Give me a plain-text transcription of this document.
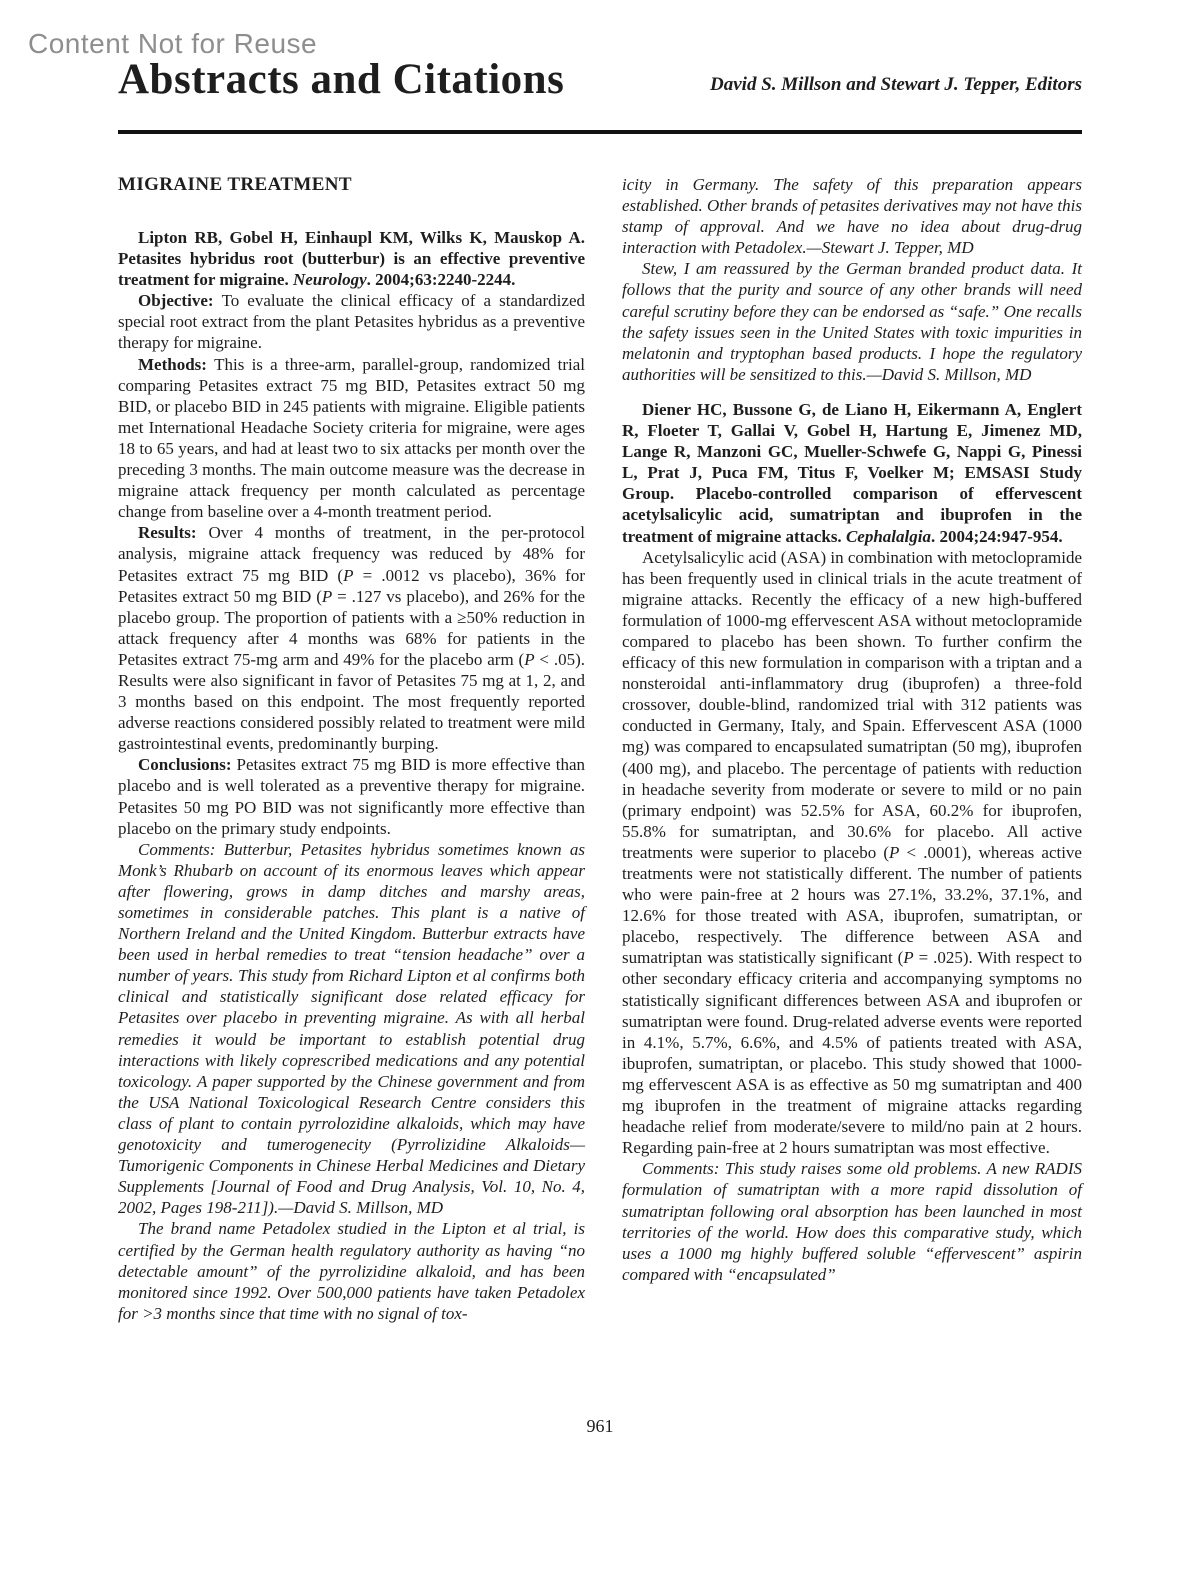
Content Not for Reuse
Abstracts and Citations	David S. Millson and Stewart J. Tepper, Editors
MIGRAINE TREATMENT

Lipton RB, Gobel H, Einhaupl KM, Wilks K, Mauskop A. Petasites hybridus root (butterbur) is an effective preventive treatment for migraine. Neurology. 2004;63:2240-2244.

Objective: To evaluate the clinical efficacy of a standardized special root extract from the plant Petasites hybridus as a preventive therapy for migraine.

Methods: This is a three-arm, parallel-group, randomized trial comparing Petasites extract 75 mg BID, Petasites extract 50 mg BID, or placebo BID in 245 patients with migraine. Eligible patients met International Headache Society criteria for migraine, were ages 18 to 65 years, and had at least two to six attacks per month over the preceding 3 months. The main outcome measure was the decrease in migraine attack frequency per month calculated as percentage change from baseline over a 4-month treatment period.

Results: Over 4 months of treatment, in the per-protocol analysis, migraine attack frequency was reduced by 48% for Petasites extract 75 mg BID (P = .0012 vs placebo), 36% for Petasites extract 50 mg BID (P = .127 vs placebo), and 26% for the placebo group. The proportion of patients with a ≥50% reduction in attack frequency after 4 months was 68% for patients in the Petasites extract 75-mg arm and 49% for the placebo arm (P < .05). Results were also significant in favor of Petasites 75 mg at 1, 2, and 3 months based on this endpoint. The most frequently reported adverse reactions considered possibly related to treatment were mild gastrointestinal events, predominantly burping.

Conclusions: Petasites extract 75 mg BID is more effective than placebo and is well tolerated as a preventive therapy for migraine. Petasites 50 mg PO BID was not significantly more effective than placebo on the primary study endpoints.

Comments: Butterbur, Petasites hybridus sometimes known as Monk’s Rhubarb on account of its enormous leaves which appear after flowering, grows in damp ditches and marshy areas, sometimes in considerable patches. This plant is a native of Northern Ireland and the United Kingdom. Butterbur extracts have been used in herbal remedies to treat “tension headache” over a number of years. This study from Richard Lipton et al confirms both clinical and statistically significant dose related efficacy for Petasites over placebo in preventing migraine. As with all herbal remedies it would be important to establish potential drug interactions with likely coprescribed medications and any potential toxicology. A paper supported by the Chinese government and from the USA National Toxicological Research Centre considers this class of plant to contain pyrrolozidine alkaloids, which may have genotoxicity and tumerogenecity (Pyrrolizidine Alkaloids—Tumorigenic Components in Chinese Herbal Medicines and Dietary Supplements [Journal of Food and Drug Analysis, Vol. 10, No. 4, 2002, Pages 198-211]).—David S. Millson, MD

The brand name Petadolex studied in the Lipton et al trial, is certified by the German health regulatory authority as having “no detectable amount” of the pyrrolizidine alkaloid, and has been monitored since 1992. Over 500,000 patients have taken Petadolex for >3 months since that time with no signal of tox-

icity in Germany. The safety of this preparation appears established. Other brands of petasites derivatives may not have this stamp of approval. And we have no idea about drug-drug interaction with Petadolex.—Stewart J. Tepper, MD

Stew, I am reassured by the German branded product data. It follows that the purity and source of any other brands will need careful scrutiny before they can be endorsed as “safe.” One recalls the safety issues seen in the United States with toxic impurities in melatonin and tryptophan based products. I hope the regulatory authorities will be sensitized to this.—David S. Millson, MD

Diener HC, Bussone G, de Liano H, Eikermann A, Englert R, Floeter T, Gallai V, Gobel H, Hartung E, Jimenez MD, Lange R, Manzoni GC, Mueller-Schwefe G, Nappi G, Pinessi L, Prat J, Puca FM, Titus F, Voelker M; EMSASI Study Group. Placebo-controlled comparison of effervescent acetylsalicylic acid, sumatriptan and ibuprofen in the treatment of migraine attacks. Cephalalgia. 2004;24:947-954.

Acetylsalicylic acid (ASA) in combination with metoclopramide has been frequently used in clinical trials in the acute treatment of migraine attacks. Recently the efficacy of a new high-buffered formulation of 1000-mg effervescent ASA without metoclopramide compared to placebo has been shown. To further confirm the efficacy of this new formulation in comparison with a triptan and a nonsteroidal anti-inflammatory drug (ibuprofen) a three-fold crossover, double-blind, randomized trial with 312 patients was conducted in Germany, Italy, and Spain. Effervescent ASA (1000 mg) was compared to encapsulated sumatriptan (50 mg), ibuprofen (400 mg), and placebo. The percentage of patients with reduction in headache severity from moderate or severe to mild or no pain (primary endpoint) was 52.5% for ASA, 60.2% for ibuprofen, 55.8% for sumatriptan, and 30.6% for placebo. All active treatments were superior to placebo (P < .0001), whereas active treatments were not statistically different. The number of patients who were pain-free at 2 hours was 27.1%, 33.2%, 37.1%, and 12.6% for those treated with ASA, ibuprofen, sumatriptan, or placebo, respectively. The difference between ASA and sumatriptan was statistically significant (P = .025). With respect to other secondary efficacy criteria and accompanying symptoms no statistically significant differences between ASA and ibuprofen or sumatriptan were found. Drug-related adverse events were reported in 4.1%, 5.7%, 6.6%, and 4.5% of patients treated with ASA, ibuprofen, sumatriptan, or placebo. This study showed that 1000-mg effervescent ASA is as effective as 50 mg sumatriptan and 400 mg ibuprofen in the treatment of migraine attacks regarding headache relief from moderate/severe to mild/no pain at 2 hours. Regarding pain-free at 2 hours sumatriptan was most effective.

Comments: This study raises some old problems. A new RADIS formulation of sumatriptan with a more rapid dissolution of sumatriptan following oral absorption has been launched in most territories of the world. How does this comparative study, which uses a 1000 mg highly buffered soluble “effervescent” aspirin compared with “encapsulated”

961
